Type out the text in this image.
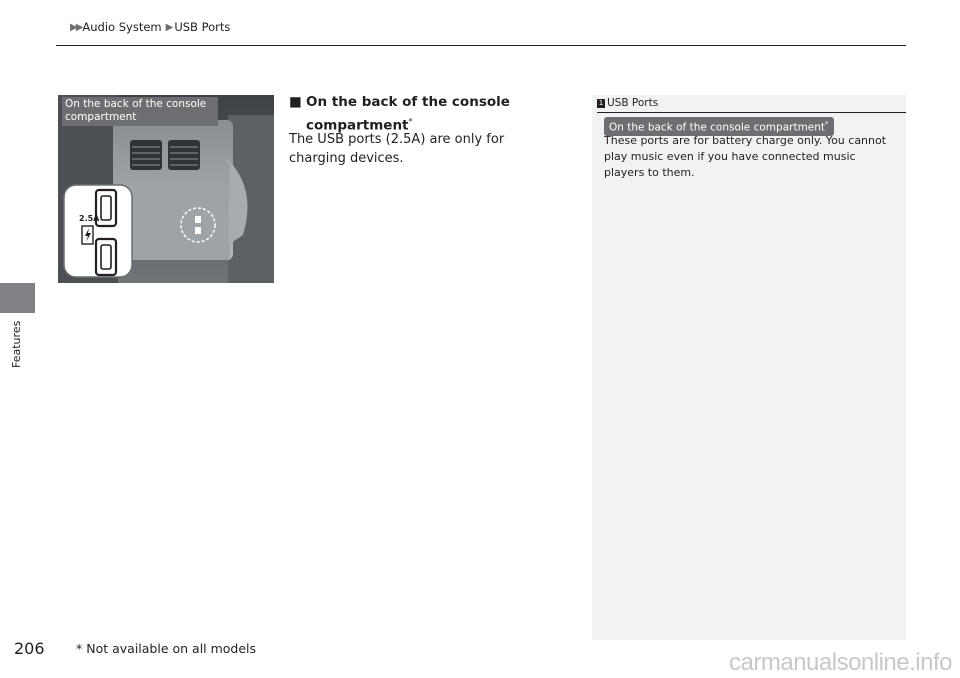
▶▶ Audio System ▶ USB Ports
Features
2.5A
On the back of the console compartment
■ On the back of the console compartment*
The USB ports (2.5A) are only for charging devices.
1 USB Ports
On the back of the console compartment*
These ports are for battery charge only. You cannot play music even if you have connected music players to them.
206	* Not available on all models
carmanualsonline.info
